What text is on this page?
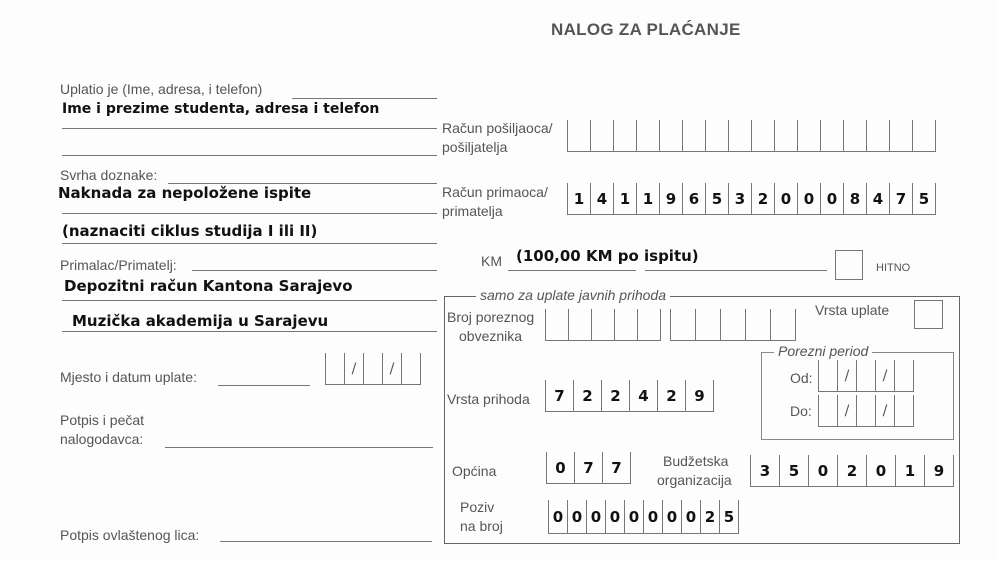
NALOG ZA PLAĆANJE
Uplatio je (Ime, adresa, i telefon)
Ime i prezime studenta, adresa i telefon
Svrha doznake:
Naknada za nepoložene ispite
(naznaciti ciklus studija I ili II)
Primalac/Primatelj:
Depozitni račun Kantona Sarajevo
Muzička akademija u Sarajevu
Mjesto i datum uplate:
/	/
Potpis i pečat
nalogodavca:
Potpis ovlaštenog lica:
Račun pošiljaoca/
pošiljatelja
Račun primaoca/
primatelja
1 4 1 1 9 6 5 3 2 0 0 0 8 4 7 5
KM (100,00 KM po ispitu)
HITNO
samo za uplate javnih prihoda
Broj poreznog
obveznika
Vrsta uplate
Porezni period
Od:	/	/
Do:	/	/
Vrsta prihoda	7	2	2	4	2	9
Općina	0	7	7	Budžetska
organizacija
3	5	0	2	0	1	9
Poziv
na broj
0 0 0 0 0 0 0 0 2 5
